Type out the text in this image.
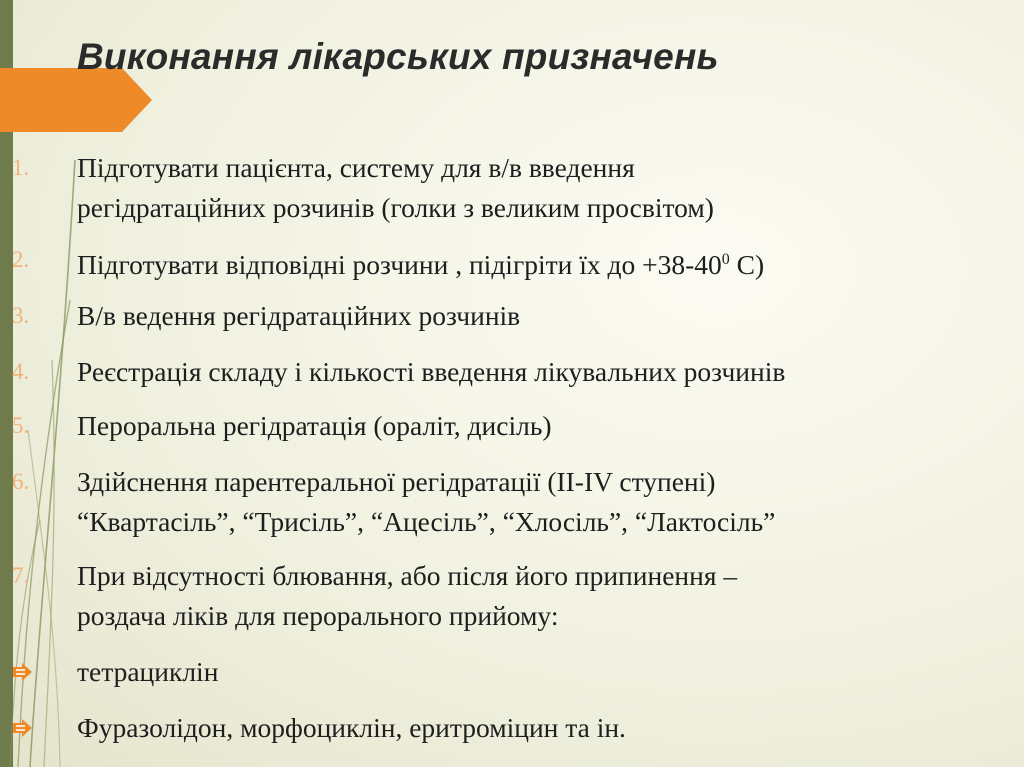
Виконання лікарських призначень
1. Підготувати пацієнта, систему для в/в введення
регідратаційних розчинів (голки з великим просвітом)
2. Підготувати відповідні розчини , підігріти їх до $+38-40^0$ С)
3. В/в ведення регідратаційних розчинів
4. Реєстрація складу і кількості введення лікувальних розчинів
5. Пероральна регідратація (ораліт, дисіль)
6. Здійснення парентеральної регідратації (II-IV ступені)
“Квартасіль”, “Трисіль”, “Ацесіль”, “Хлосіль”, “Лактосіль”
7. При відсутності блювання, або після його припинення –
роздача ліків для перорального прийому:
тетрациклін
Фуразолідон, морфоциклін, еритроміцин та ін.
